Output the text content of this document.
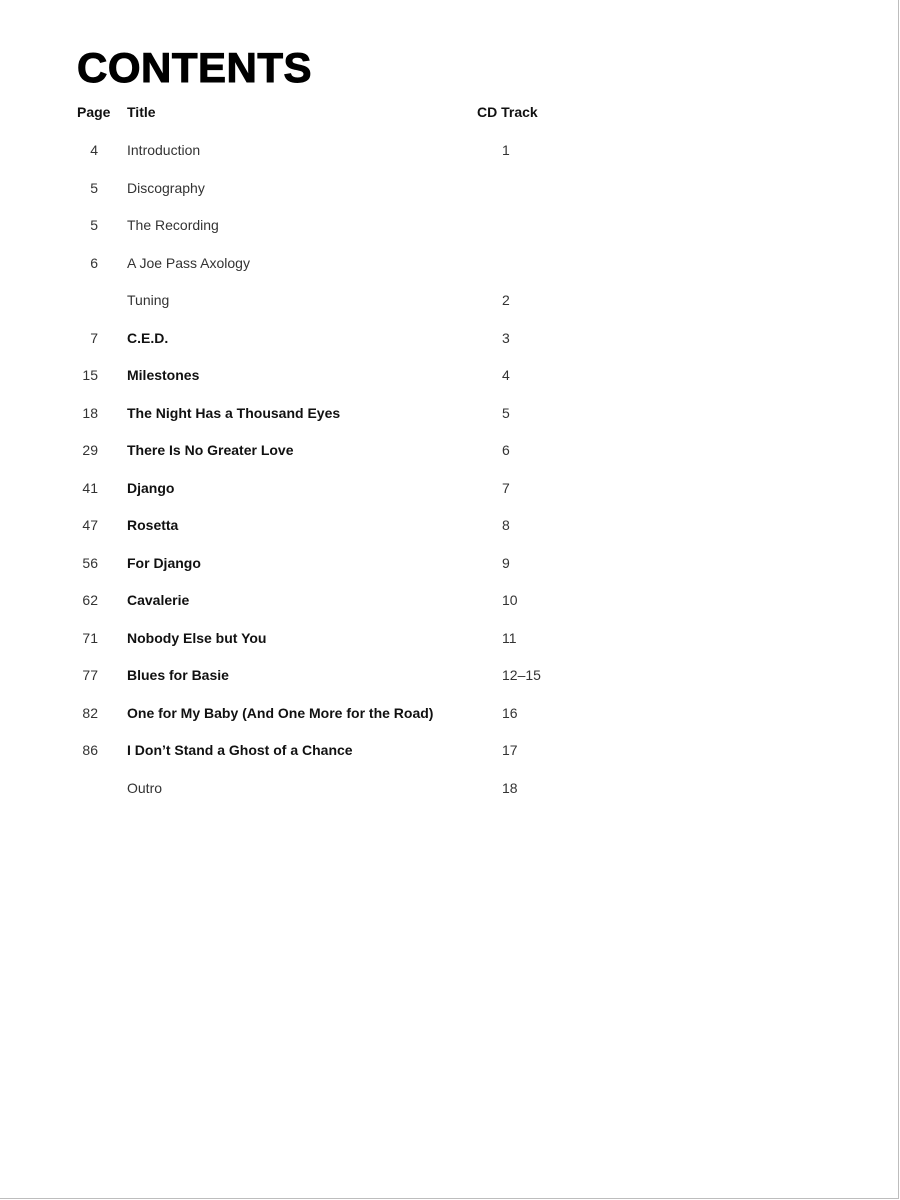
CONTENTS
Page Title	CD Track
4 Introduction	1
5 Discography
5 The Recording
6 A Joe Pass Axology
Tuning	2
7 C.E.D.	3
15 Milestones	4
18 The Night Has a Thousand Eyes	5
29 There Is No Greater Love	6
41 Django	7
47 Rosetta	8
56 For Django	9
62 Cavalerie	10
71 Nobody Else but You	11
77 Blues for Basie	12–15
82 One for My Baby (And One More for the Road)	16
86 I Don’t Stand a Ghost of a Chance	17
Outro	18
